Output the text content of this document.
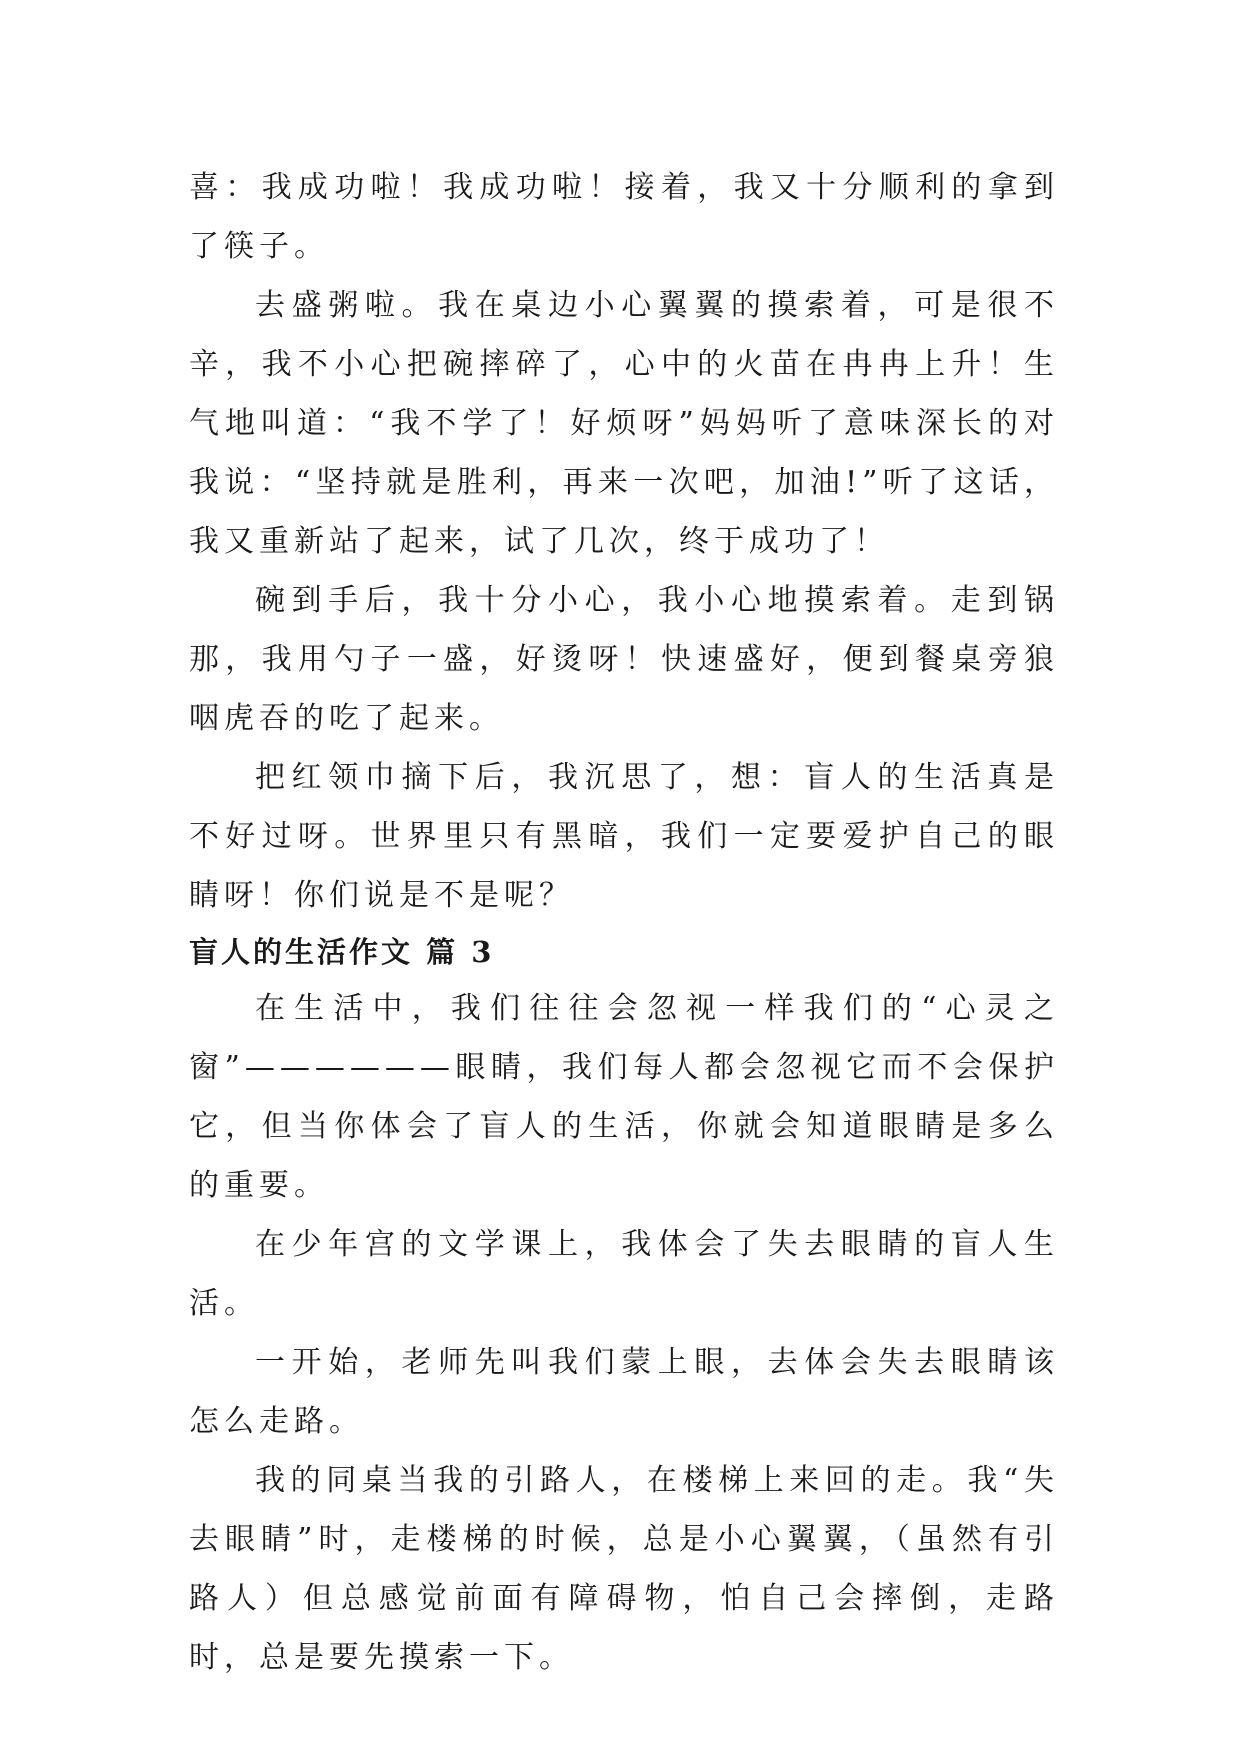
喜：我成功啦！我成功啦！接着，我又十分顺利的拿到了筷子。

去盛粥啦。我在桌边小心翼翼的摸索着，可是很不辛，我不小心把碗摔碎了，心中的火苗在冉冉上升！生气地叫道：“我不学了！好烦呀”妈妈听了意味深长的对我说：“坚持就是胜利，再来一次吧，加油!”听了这话，我又重新站了起来，试了几次，终于成功了！

碗到手后，我十分小心，我小心地摸索着。走到锅那，我用勺子一盛，好烫呀！快速盛好，便到餐桌旁狼咽虎吞的吃了起来。

把红领巾摘下后，我沉思了，想：盲人的生活真是不好过呀。世界里只有黑暗，我们一定要爱护自己的眼睛呀！你们说是不是呢？

盲人的生活作文 篇 3

在生活中，我们往往会忽视一样我们的“心灵之窗”——————眼睛，我们每人都会忽视它而不会保护它，但当你体会了盲人的生活，你就会知道眼睛是多么的重要。

在少年宫的文学课上，我体会了失去眼睛的盲人生活。

一开始，老师先叫我们蒙上眼，去体会失去眼睛该怎么走路。

我的同桌当我的引路人，在楼梯上来回的走。我“失去眼睛”时，走楼梯的时候，总是小心翼翼，（虽然有引路人）但总感觉前面有障碍物，怕自己会摔倒，走路时，总是要先摸索一下。
